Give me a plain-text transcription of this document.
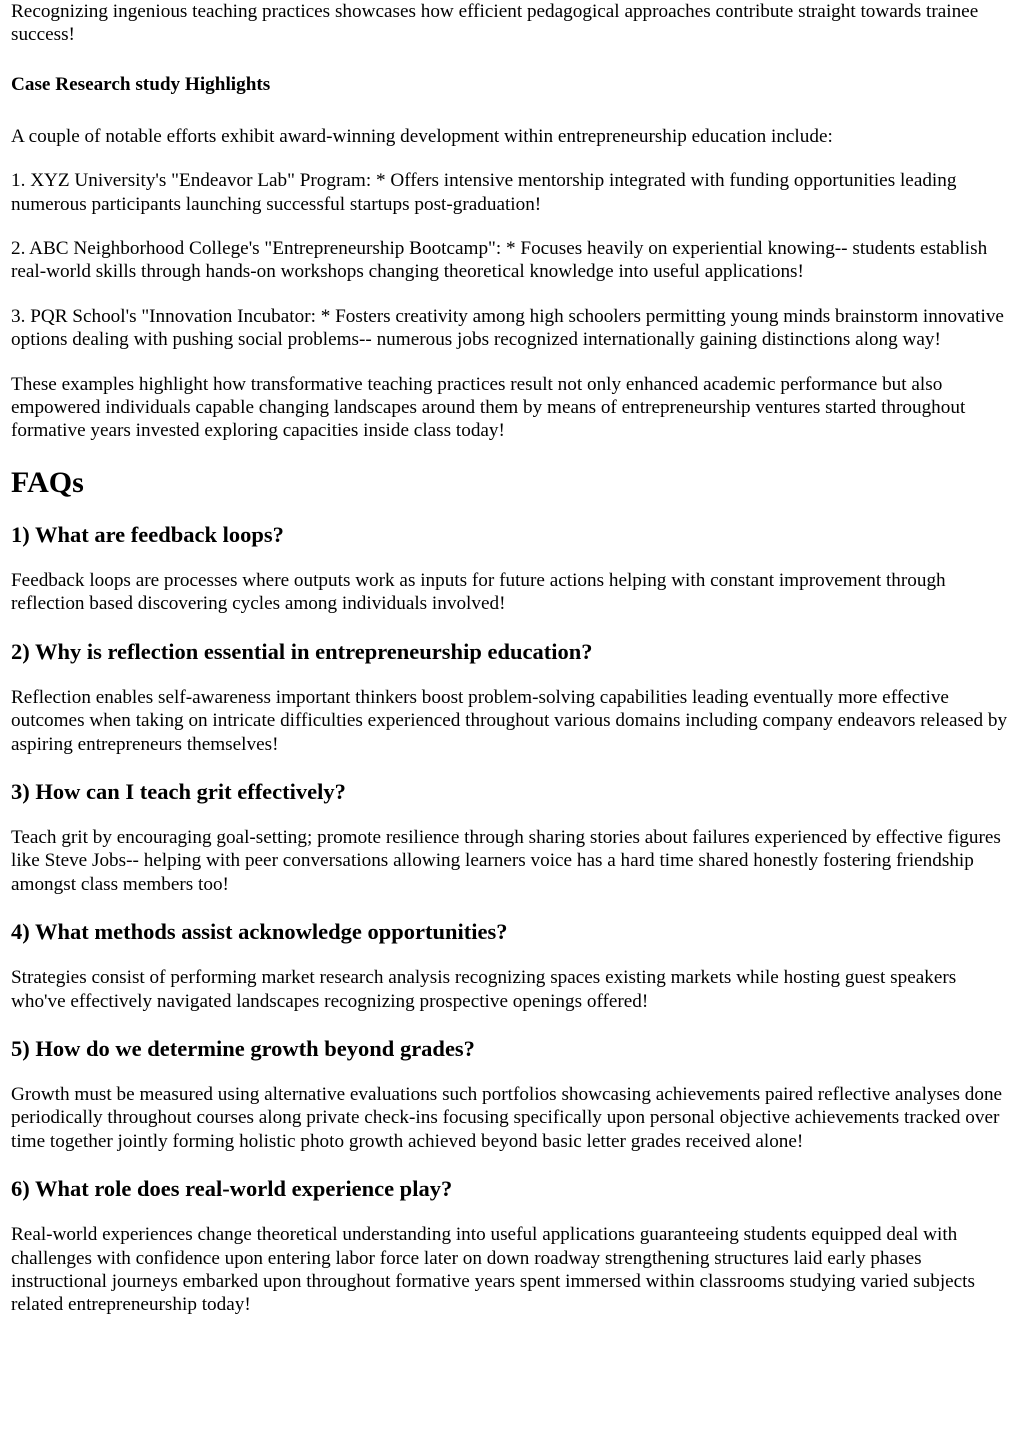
Recognizing ingenious teaching practices showcases how efficient pedagogical approaches contribute straight towards trainee success!

Case Research study Highlights

A couple of notable efforts exhibit award-winning development within entrepreneurship education include:

1. XYZ University's "Endeavor Lab" Program: * Offers intensive mentorship integrated with funding opportunities leading numerous participants launching successful startups post-graduation!

2. ABC Neighborhood College's "Entrepreneurship Bootcamp": * Focuses heavily on experiential knowing-- students establish real-world skills through hands-on workshops changing theoretical knowledge into useful applications!

3. PQR School's "Innovation Incubator: * Fosters creativity among high schoolers permitting young minds brainstorm innovative options dealing with pushing social problems-- numerous jobs recognized internationally gaining distinctions along way!

These examples highlight how transformative teaching practices result not only enhanced academic performance but also empowered individuals capable changing landscapes around them by means of entrepreneurship ventures started throughout formative years invested exploring capacities inside class today!

FAQs
1) What are feedback loops?

Feedback loops are processes where outputs work as inputs for future actions helping with constant improvement through reflection based discovering cycles among individuals involved!

2) Why is reflection essential in entrepreneurship education?

Reflection enables self-awareness important thinkers boost problem-solving capabilities leading eventually more effective outcomes when taking on intricate difficulties experienced throughout various domains including company endeavors released by aspiring entrepreneurs themselves!

3) How can I teach grit effectively?

Teach grit by encouraging goal-setting; promote resilience through sharing stories about failures experienced by effective figures like Steve Jobs-- helping with peer conversations allowing learners voice has a hard time shared honestly fostering friendship amongst class members too!

4) What methods assist acknowledge opportunities?

Strategies consist of performing market research analysis recognizing spaces existing markets while hosting guest speakers who've effectively navigated landscapes recognizing prospective openings offered!

5) How do we determine growth beyond grades?

Growth must be measured using alternative evaluations such portfolios showcasing achievements paired reflective analyses done periodically throughout courses along private check-ins focusing specifically upon personal objective achievements tracked over time together jointly forming holistic photo growth achieved beyond basic letter grades received alone!

6) What role does real-world experience play?

Real-world experiences change theoretical understanding into useful applications guaranteeing students equipped deal with challenges with confidence upon entering labor force later on down roadway strengthening structures laid early phases instructional journeys embarked upon throughout formative years spent immersed within classrooms studying varied subjects related entrepreneurship today!
